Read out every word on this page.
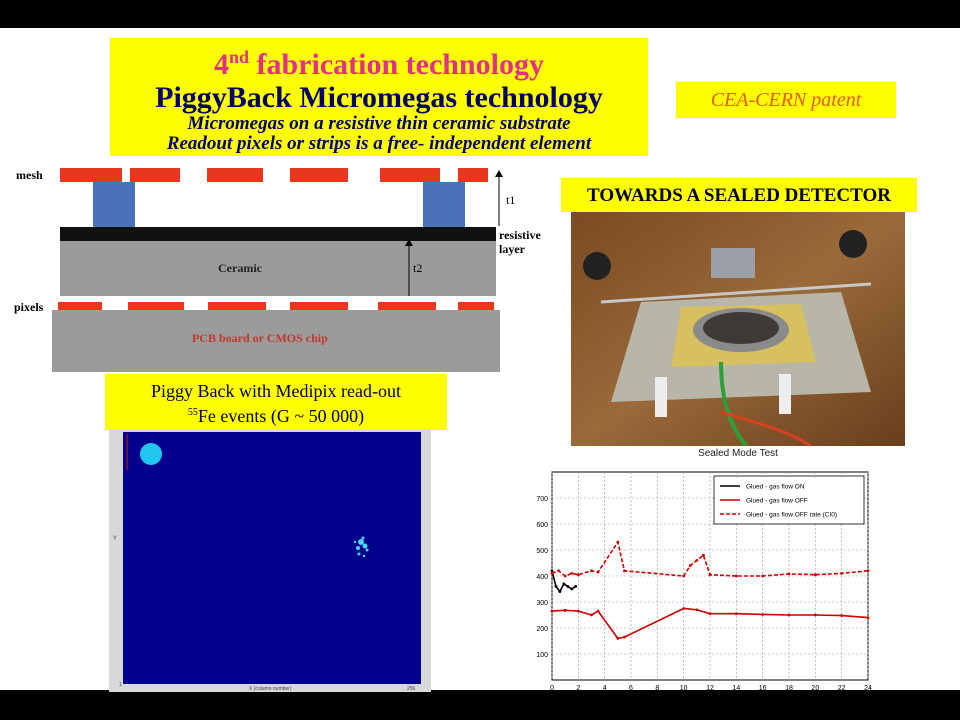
4nd fabrication technology
PiggyBack Micromegas technology
Micromegas on a resistive thin ceramic substrate
Readout pixels or strips is a free- independent element
CEA-CERN patent
mesh
t1
resistive
layer
Ceramic	t2
pixels
PCB board or CMOS chip
Piggy Back with Medipix read-out
$^{55}$Fe events (G ~ 50 000)
Y
1
X (column number)	256
TOWARDS A SEALED DETECTOR
Sealed Mode Test
0	2	4	6	8	10	12	14	16	18	20	22	24
100
200
300
400
500
600
700
Glued - gas flow ON
Glued - gas flow OFF
Glued - gas flow OFF rate (CI0)
